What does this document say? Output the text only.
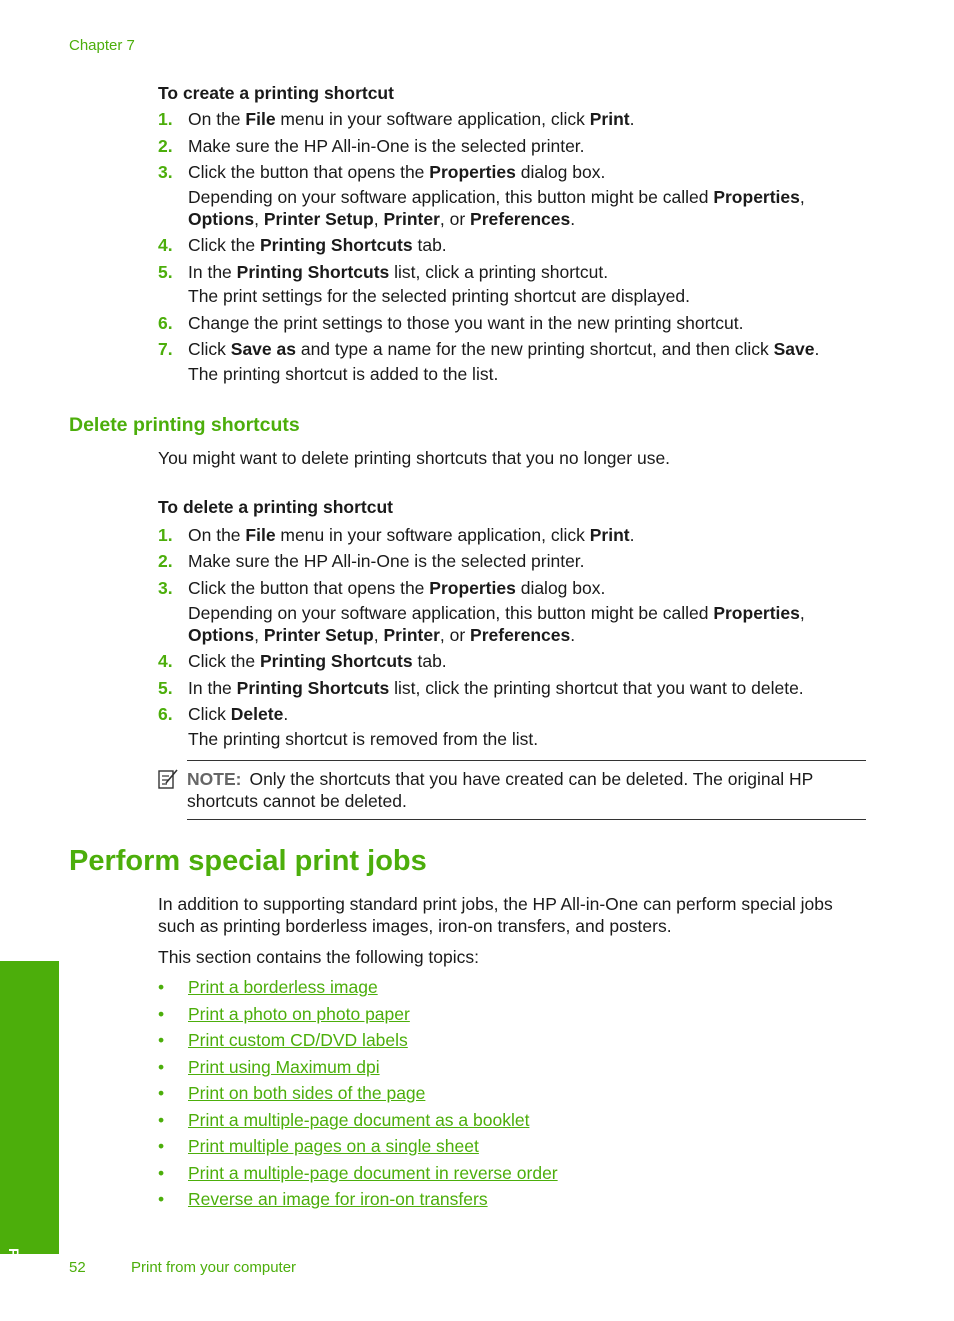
Chapter 7
To create a printing shortcut
1. On the File menu in your software application, click Print.
2. Make sure the HP All-in-One is the selected printer.
3. Click the button that opens the Properties dialog box.
Depending on your software application, this button might be called Properties, Options, Printer Setup, Printer, or Preferences.
4. Click the Printing Shortcuts tab.
5. In the Printing Shortcuts list, click a printing shortcut.
The print settings for the selected printing shortcut are displayed.
6. Change the print settings to those you want in the new printing shortcut.
7. Click Save as and type a name for the new printing shortcut, and then click Save.
The printing shortcut is added to the list.
Delete printing shortcuts
You might want to delete printing shortcuts that you no longer use.
To delete a printing shortcut
1. On the File menu in your software application, click Print.
2. Make sure the HP All-in-One is the selected printer.
3. Click the button that opens the Properties dialog box.
Depending on your software application, this button might be called Properties, Options, Printer Setup, Printer, or Preferences.
4. Click the Printing Shortcuts tab.
5. In the Printing Shortcuts list, click the printing shortcut that you want to delete.
6. Click Delete.
The printing shortcut is removed from the list.
NOTE: Only the shortcuts that you have created can be deleted. The original HP shortcuts cannot be deleted.
Perform special print jobs
In addition to supporting standard print jobs, the HP All-in-One can perform special jobs such as printing borderless images, iron-on transfers, and posters.
This section contains the following topics:
• Print a borderless image
• Print a photo on photo paper
• Print custom CD/DVD labels
• Print using Maximum dpi
• Print on both sides of the page
• Print a multiple-page document as a booklet
• Print multiple pages on a single sheet
• Print a multiple-page document in reverse order
• Reverse an image for iron-on transfers
Print	52	Print from your computer
